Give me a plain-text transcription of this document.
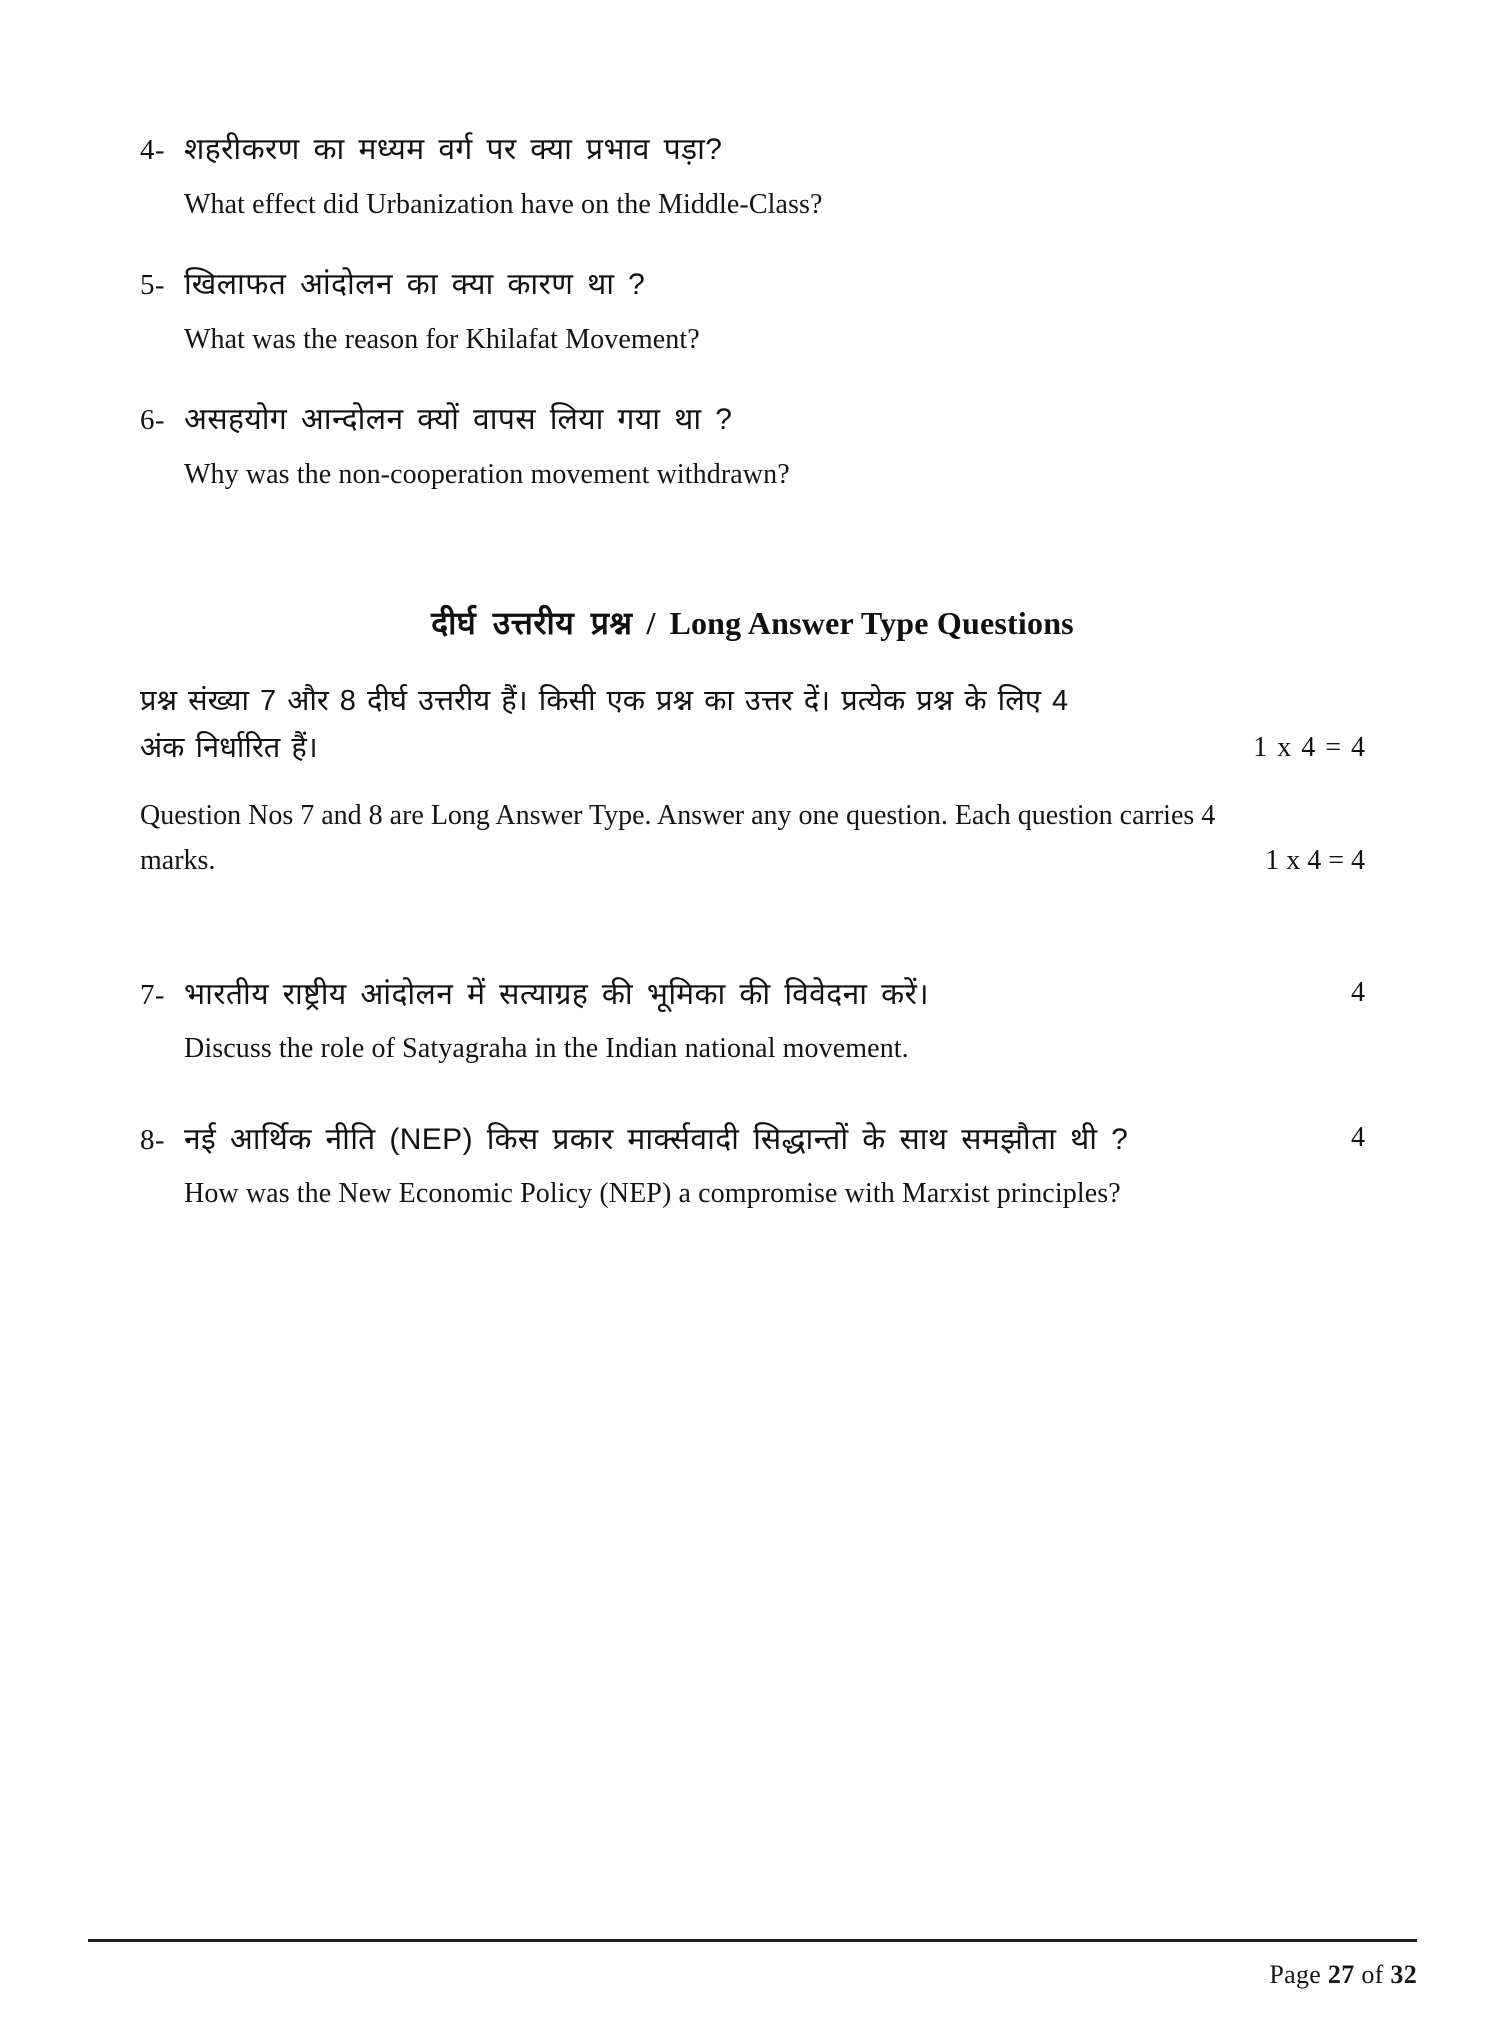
4- शहरीकरण का मध्यम वर्ग पर क्या प्रभाव पड़ा?
What effect did Urbanization have on the Middle-Class?
5- खिलाफत आंदोलन का क्या कारण था ?
What was the reason for Khilafat Movement?
6- असहयोग आन्दोलन क्यों वापस लिया गया था ?
Why was the non-cooperation movement withdrawn?
दीर्घ उत्तरीय प्रश्न / Long Answer Type Questions
प्रश्न संख्या 7 और 8 दीर्घ उत्तरीय हैं। किसी एक प्रश्न का उत्तर दें। प्रत्येक प्रश्न के लिए 4
अंक निर्धारित हैं।	1 x 4 = 4
Question Nos 7 and 8 are Long Answer Type. Answer any one question. Each question carries 4
marks.	1 x 4 = 4
7- भारतीय राष्ट्रीय आंदोलन में सत्याग्रह की भूमिका की विवेदना करें।	4
Discuss the role of Satyagraha in the Indian national movement.
8- नई आर्थिक नीति (NEP) किस प्रकार मार्क्सवादी सिद्धान्तों के साथ समझौता थी ?	4
How was the New Economic Policy (NEP) a compromise with Marxist principles?
Page 27 of 32
